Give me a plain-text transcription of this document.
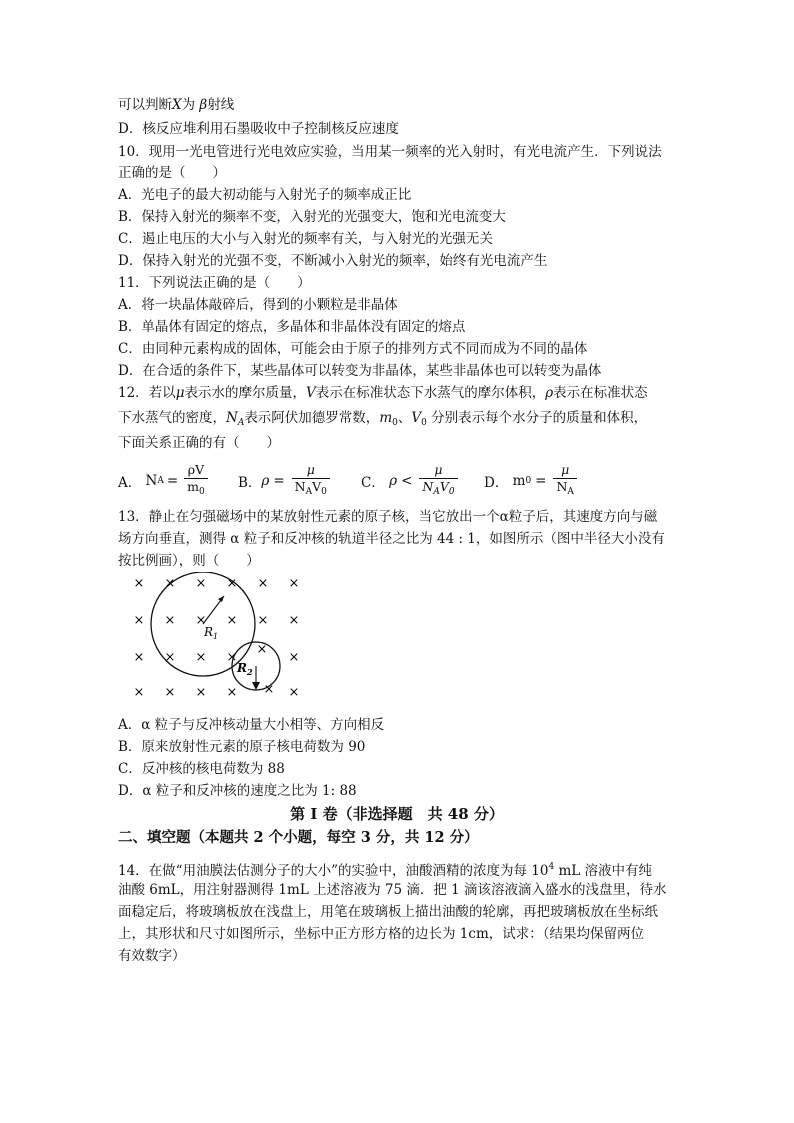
可以判断X为 β射线
D．核反应堆利用石墨吸收中子控制核反应速度
10．现用一光电管进行光电效应实验，当用某一频率的光入射时，有光电流产生．下列说法
正确的是（　　）
A．光电子的最大初动能与入射光子的频率成正比
B．保持入射光的频率不变，入射光的光强变大，饱和光电流变大
C．遏止电压的大小与入射光的频率有关，与入射光的光强无关
D．保持入射光的光强不变，不断减小入射光的频率，始终有光电流产生
11．下列说法正确的是（　　）
A．将一块晶体敲碎后，得到的小颗粒是非晶体
B．单晶体有固定的熔点，多晶体和非晶体没有固定的熔点
C．由同种元素构成的固体，可能会由于原子的排列方式不同而成为不同的晶体
D．在合适的条件下，某些晶体可以转变为非晶体，某些非晶体也可以转变为晶体
12．若以μ表示水的摩尔质量，V表示在标准状态下水蒸气的摩尔体积，ρ表示在标准状态
下水蒸气的密度，$N_A$表示阿伏加德罗常数，$m_0$、$V_0$ 分别表示每个水分子的质量和体积，
下面关系正确的有（　　）
A．
N $A = \frac{\rho V}{m_0}$ B． $\rho = \frac{\mu}{N_AV_0}$ C．
$\rho < \frac{\mu}{N_AV_0}$ D．
m $0 = \frac{\mu}{N_A}$
13．静止在匀强磁场中的某放射性元素的原子核，当它放出一个α粒子后，其速度方向与磁
场方向垂直，测得 α 粒子和反冲核的轨道半径之比为 44 : 1，如图所示（图中半径大小没有
按比例画），则（　　）
× × × × × ×
× × × × × ×
× × × ×	×
× × × ×	×
×
×
$R_1$
$R_2$
A．α 粒子与反冲核动量大小相等、方向相反
B．原来放射性元素的原子核电荷数为 90
C．反冲核的核电荷数为 88
D．α 粒子和反冲核的速度之比为 1: 88
第 I 卷（非选择题　共 48 分）
二、填空题（本题共 2 个小题，每空 3 分，共 12 分）
14．在做“用油膜法估测分子的大小”的实验中，油酸酒精的浓度为每 $10^4$ mL 溶液中有纯
油酸 6mL，用注射器测得 1mL 上述溶液为 75 滴．把 1 滴该溶液滴入盛水的浅盘里，待水
面稳定后，将玻璃板放在浅盘上，用笔在玻璃板上描出油酸的轮廓，再把玻璃板放在坐标纸
上，其形状和尺寸如图所示，坐标中正方形方格的边长为 1cm，试求：（结果均保留两位
有效数字）
